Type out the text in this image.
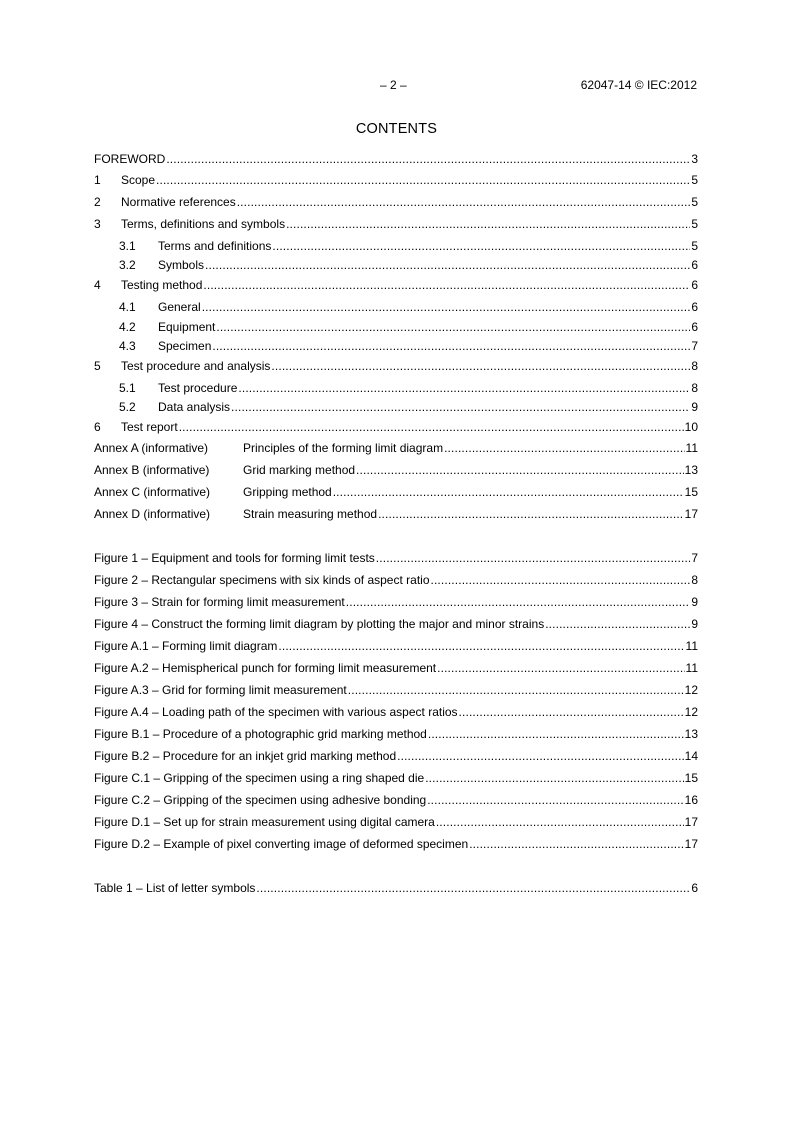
– 2 –	62047-14 © IEC:2012
CONTENTS
FOREWORD . . .	3
1	Scope . . .	5
2	Normative references . . .	5
3	Terms, definitions and symbols . . .	5
3.1	Terms and definitions . . .	5
3.2	Symbols . . .	6
4	Testing method . . .	6
4.1	General . . .	6
4.2	Equipment . . .	6
4.3	Specimen . . .	7
5	Test procedure and analysis . . .	8
5.1	Test procedure . . .	8
5.2	Data analysis . . .	9
6	Test report . . .	10
Annex A (informative)	Principles of the forming limit diagram . . .	11
Annex B (informative)	Grid marking method . . .	13
Annex C (informative)	Gripping method . . .	15
Annex D (informative)	Strain measuring method . . .	17
Figure 1 – Equipment and tools for forming limit tests . . .	7
Figure 2 – Rectangular specimens with six kinds of aspect ratio . . .	8
Figure 3 – Strain for forming limit measurement . . .	9
Figure 4 – Construct the forming limit diagram by plotting the major and minor strains . . .	9
Figure A.1 – Forming limit diagram . . .	11
Figure A.2 – Hemispherical punch for forming limit measurement . . .	11
Figure A.3 – Grid for forming limit measurement . . .	12
Figure A.4 – Loading path of the specimen with various aspect ratios . . .	12
Figure B.1 – Procedure of a photographic grid marking method . . .	13
Figure B.2 – Procedure for an inkjet grid marking method . . .	14
Figure C.1 – Gripping of the specimen using a ring shaped die . . .	15
Figure C.2 – Gripping of the specimen using adhesive bonding . . .	16
Figure D.1 – Set up for strain measurement using digital camera . . .	17
Figure D.2 – Example of pixel converting image of deformed specimen . . .	17
Table 1 – List of letter symbols . . .	6
